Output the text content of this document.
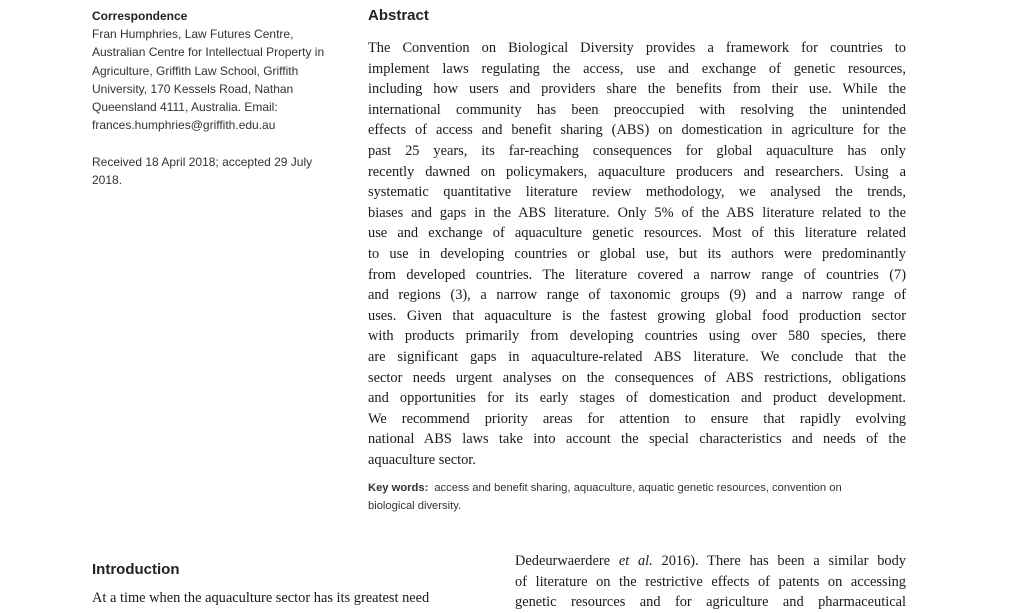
Correspondence
Fran Humphries, Law Futures Centre,
Australian Centre for Intellectual Property in
Agriculture, Griffith Law School, Griffith
University, 170 Kessels Road, Nathan
Queensland 4111, Australia. Email:
frances.humphries@griffith.edu.au
Received 18 April 2018; accepted 29 July
2018.
Abstract
The Convention on Biological Diversity provides a framework for countries to
implement laws regulating the access, use and exchange of genetic resources,
including how users and providers share the benefits from their use. While the
international community has been preoccupied with resolving the unintended
effects of access and benefit sharing (ABS) on domestication in agriculture for the
past 25 years, its far-reaching consequences for global aquaculture has only
recently dawned on policymakers, aquaculture producers and researchers. Using a
systematic quantitative literature review methodology, we analysed the trends,
biases and gaps in the ABS literature. Only 5% of the ABS literature related to the
use and exchange of aquaculture genetic resources. Most of this literature related
to use in developing countries or global use, but its authors were predominantly
from developed countries. The literature covered a narrow range of countries (7)
and regions (3), a narrow range of taxonomic groups (9) and a narrow range of
uses. Given that aquaculture is the fastest growing global food production sector
with products primarily from developing countries using over 580 species, there
are significant gaps in aquaculture-related ABS literature. We conclude that the
sector needs urgent analyses on the consequences of ABS restrictions, obligations
and opportunities for its early stages of domestication and product development.
We recommend priority areas for attention to ensure that rapidly evolving
national ABS laws take into account the special characteristics and needs of the
aquaculture sector.
Key words: access and benefit sharing, aquaculture, aquatic genetic resources, convention on
biological diversity.
Introduction
At a time when the aquaculture sector has its greatest need
Dedeurwaerdere et al. 2016). There has been a similar body
of literature on the restrictive effects of patents on accessing
genetic resources and for agriculture and pharmaceutical
